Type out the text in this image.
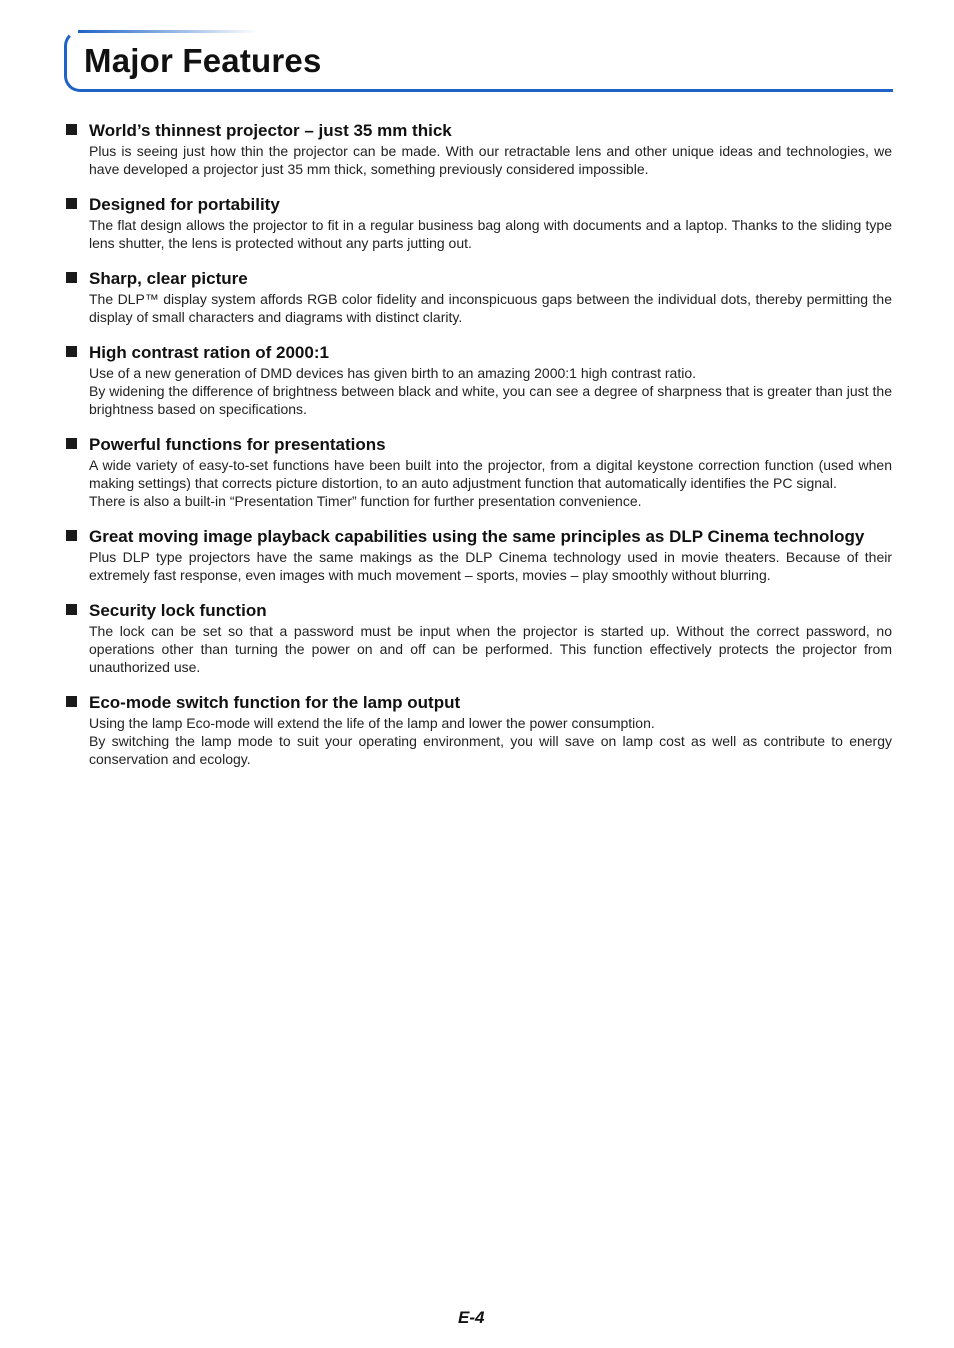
Major Features
World’s thinnest projector – just 35 mm thick

Plus is seeing just how thin the projector can be made. With our retractable lens and other unique ideas and technologies, we have developed a projector just 35 mm thick, something previously considered impossible.

Designed for portability

The flat design allows the projector to fit in a regular business bag along with documents and a laptop. Thanks to the sliding type lens shutter, the lens is protected without any parts jutting out.

Sharp, clear picture

The DLP™ display system affords RGB color fidelity and inconspicuous gaps between the individual dots, thereby permitting the display of small characters and diagrams with distinct clarity.

High contrast ration of 2000:1

Use of a new generation of DMD devices has given birth to an amazing 2000:1 high contrast ratio.

By widening the difference of brightness between black and white, you can see a degree of sharpness that is greater than just the brightness based on specifications.

Powerful functions for presentations

A wide variety of easy-to-set functions have been built into the projector, from a digital keystone correction function (used when making settings) that corrects picture distortion, to an auto adjustment function that automatically identifies the PC signal.

There is also a built-in “Presentation Timer” function for further presentation convenience.

Great moving image playback capabilities using the same principles as DLP Cinema technology

Plus DLP type projectors have the same makings as the DLP Cinema technology used in movie theaters. Because of their extremely fast response, even images with much movement – sports, movies – play smoothly without blurring.

Security lock function

The lock can be set so that a password must be input when the projector is started up. Without the correct password, no operations other than turning the power on and off can be performed. This function effectively protects the projector from unauthorized use.

Eco-mode switch function for the lamp output

Using the lamp Eco-mode will extend the life of the lamp and lower the power consumption.

By switching the lamp mode to suit your operating environment, you will save on lamp cost as well as contribute to energy conservation and ecology.

E-4
